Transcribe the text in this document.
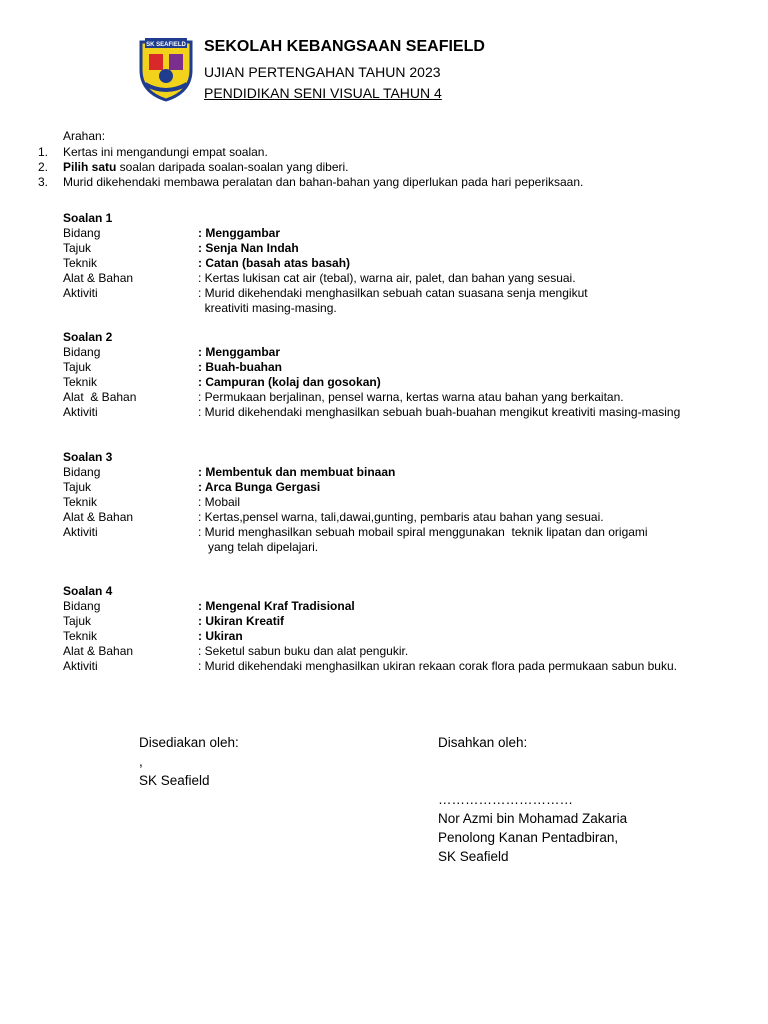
SK SEAFIELD SEKOLAH KEBANGSAAN SEAFIELD
UJIAN PERTENGAHAN TAHUN 2023
PENDIDIKAN SENI VISUAL TAHUN 4
Arahan:
1. Kertas ini mengandungi empat soalan.
2. Pilih satu soalan daripada soalan-soalan yang diberi.
3. Murid dikehendaki membawa peralatan dan bahan-bahan yang diperlukan pada hari peperiksaan.
Soalan 1
Bidang	: Menggambar
Tajuk	: Senja Nan Indah
Teknik	: Catan (basah atas basah)
Alat & Bahan	: Kertas lukisan cat air (tebal), warna air, palet, dan bahan yang sesuai.
Aktiviti	: Murid dikehendaki menghasilkan sebuah catan suasana senja mengikut
kreativiti masing-masing.
Soalan 2
Bidang	: Menggambar
Tajuk	: Buah-buahan
Teknik	: Campuran (kolaj dan gosokan)
Alat  & Bahan	: Permukaan berjalinan, pensel warna, kertas warna atau bahan yang berkaitan.
Aktiviti	: Murid dikehendaki menghasilkan sebuah buah-buahan mengikut kreativiti masing-masing
Soalan 3
Bidang	: Membentuk dan membuat binaan
Tajuk	: Arca Bunga Gergasi
Teknik	: Mobail
Alat & Bahan	: Kertas,pensel warna, tali,dawai,gunting, pembaris atau bahan yang sesuai.
Aktiviti	: Murid menghasilkan sebuah mobail spiral menggunakan  teknik lipatan dan origami
yang telah dipelajari.
Soalan 4
Bidang	: Mengenal Kraf Tradisional
Tajuk	: Ukiran Kreatif
Teknik	: Ukiran
Alat & Bahan	: Seketul sabun buku dan alat pengukir.
Aktiviti	: Murid dikehendaki menghasilkan ukiran rekaan corak flora pada permukaan sabun buku.
Disediakan oleh:
,
SK Seafield
Disahkan oleh:
…………………………
Nor Azmi bin Mohamad Zakaria
Penolong Kanan Pentadbiran,
SK Seafield
